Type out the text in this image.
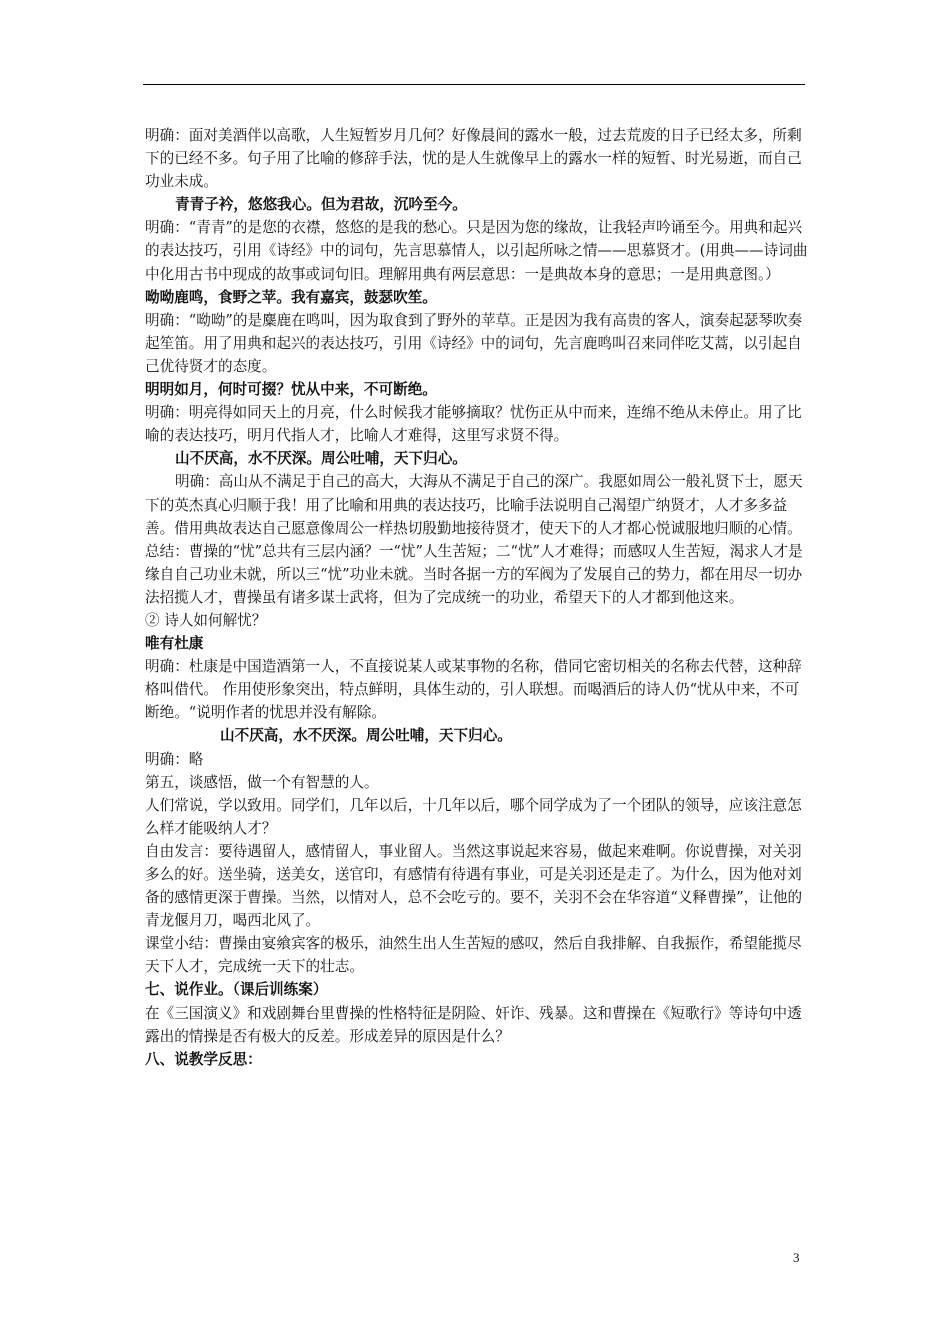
明确：面对美酒伴以高歌，人生短暂岁月几何？好像晨间的露水一般，过去荒废的日子已经太多，所剩下的已经不多。句子用了比喻的修辞手法，忧的是人生就像早上的露水一样的短暂、时光易逝，而自己功业未成。

青青子衿，悠悠我心。但为君故，沉吟至今。

明确：“青青”的是您的衣襟，悠悠的是我的愁心。只是因为您的缘故，让我轻声吟诵至今。用典和起兴的表达技巧，引用《诗经》中的词句，先言思慕情人，以引起所咏之情——思慕贤才。(用典——诗词曲中化用古书中现成的故事或词句旧。理解用典有两层意思：一是典故本身的意思；一是用典意图。）

呦呦鹿鸣，食野之苹。我有嘉宾，鼓瑟吹笙。

明确：“呦呦”的是麋鹿在鸣叫，因为取食到了野外的苹草。正是因为我有高贵的客人，演奏起瑟琴吹奏起笙笛。用了用典和起兴的表达技巧，引用《诗经》中的词句，先言鹿鸣叫召来同伴吃艾蒿，以引起自己优待贤才的态度。

明明如月，何时可掇？忧从中来，不可断绝。

明确：明亮得如同天上的月亮，什么时候我才能够摘取？忧伤正从中而来，连绵不绝从未停止。用了比喻的表达技巧，明月代指人才，比喻人才难得，这里写求贤不得。

山不厌高，水不厌深。周公吐哺，天下归心。

明确：高山从不满足于自己的高大，大海从不满足于自己的深广。我愿如周公一般礼贤下士，愿天下的英杰真心归顺于我！用了比喻和用典的表达技巧，比喻手法说明自己渴望广纳贤才，人才多多益善。借用典故表达自己愿意像周公一样热切殷勤地接待贤才，使天下的人才都心悦诚服地归顺的心情。

总结：曹操的“忧”总共有三层内涵？一“忧”人生苦短；二“忧”人才难得；而感叹人生苦短，渴求人才是缘自自己功业未就，所以三“忧”功业未就。当时各据一方的军阀为了发展自己的势力，都在用尽一切办法招揽人才，曹操虽有诸多谋士武将，但为了完成统一的功业，希望天下的人才都到他这来。

② 诗人如何解忧？

唯有杜康

明确：杜康是中国造酒第一人，不直接说某人或某事物的名称，借同它密切相关的名称去代替，这种辞格叫借代。 作用使形象突出，特点鲜明，具体生动的，引人联想。而喝酒后的诗人仍“忧从中来，不可断绝。“说明作者的忧思并没有解除。

山不厌高，水不厌深。周公吐哺，天下归心。

明确：略

第五，谈感悟，做一个有智慧的人。

人们常说，学以致用。同学们，几年以后，十几年以后，哪个同学成为了一个团队的领导，应该注意怎么样才能吸纳人才？

自由发言：要待遇留人，感情留人，事业留人。当然这事说起来容易，做起来难啊。你说曹操，对关羽多么的好。送坐骑，送美女，送官印，有感情有待遇有事业，可是关羽还是走了。为什么，因为他对刘备的感情更深于曹操。当然，以情对人，总不会吃亏的。要不，关羽不会在华容道“义释曹操”，让他的青龙偃月刀，喝西北风了。

课堂小结：曹操由宴飨宾客的极乐，油然生出人生苦短的感叹，然后自我排解、自我振作，希望能揽尽天下人才，完成统一天下的壮志。

七、说作业。（课后训练案）

在《三国演义》和戏剧舞台里曹操的性格特征是阴险、奸诈、残暴。这和曹操在《短歌行》等诗句中透露出的情操是否有极大的反差。形成差异的原因是什么？

八、说教学反思：

3
